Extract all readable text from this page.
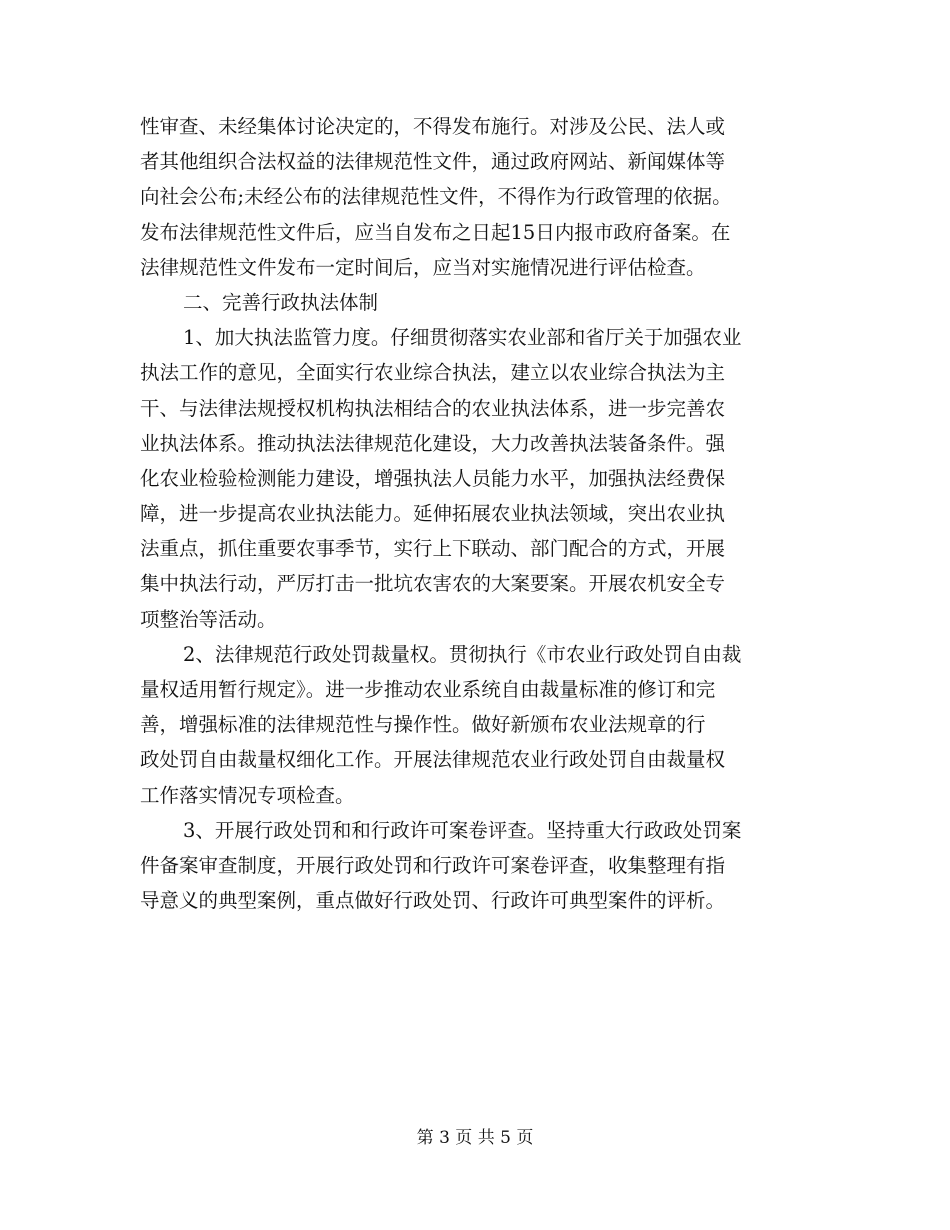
性审查、未经集体讨论决定的，不得发布施行。对涉及公民、法人或
者其他组织合法权益的法律规范性文件，通过政府网站、新闻媒体等
向社会公布;未经公布的法律规范性文件，不得作为行政管理的依据。
发布法律规范性文件后，应当自发布之日起15日内报市政府备案。在
法律规范性文件发布一定时间后，应当对实施情况进行评估检查。
二、完善行政执法体制
1、加大执法监管力度。仔细贯彻落实农业部和省厅关于加强农业
执法工作的意见，全面实行农业综合执法，建立以农业综合执法为主
干、与法律法规授权机构执法相结合的农业执法体系，进一步完善农
业执法体系。推动执法法律规范化建设，大力改善执法装备条件。强
化农业检验检测能力建设，增强执法人员能力水平，加强执法经费保
障，进一步提高农业执法能力。延伸拓展农业执法领域，突出农业执
法重点，抓住重要农事季节，实行上下联动、部门配合的方式，开展
集中执法行动，严厉打击一批坑农害农的大案要案。开展农机安全专
项整治等活动。
2、法律规范行政处罚裁量权。贯彻执行《市农业行政处罚自由裁
量权适用暂行规定》。进一步推动农业系统自由裁量标准的修订和完
善，增强标准的法律规范性与操作性。做好新颁布农业法规章的行
政处罚自由裁量权细化工作。开展法律规范农业行政处罚自由裁量权
工作落实情况专项检查。
3、开展行政处罚和和行政许可案卷评查。坚持重大行政政处罚案
件备案审查制度，开展行政处罚和行政许可案卷评查，收集整理有指
导意义的典型案例，重点做好行政处罚、行政许可典型案件的评析。
第 3 页 共 5 页
